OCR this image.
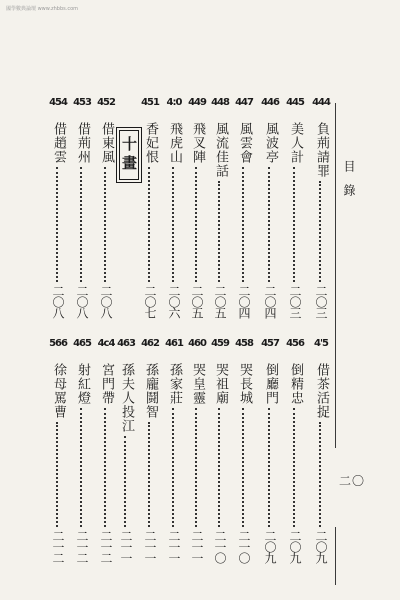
國學數典論壇 www.zhbbs.com
目錄
二〇
十畫
444
負荊請罪
二〇三
445
美人計
二〇三
446
風波亭
二〇四
447
風雲會
二〇四
448
風流佳話
二〇五
449
飛叉陣
二〇五
4:0
飛虎山
二〇六
451
香妃恨
二〇七
452
借東風
二〇八
453
借荊州
二〇八
454
借趙雲
二〇八
4'5
借茶活捉
二〇九
456
倒精忠
二〇九
457
倒廳門
二〇九
458
哭長城
二一〇
459
哭祖廟
二一〇
460
哭皇靈
二一一
461
孫家莊
二一一
462
孫龐鬪智
二一一
463
孫夫人投江
二一一
4c4
宮門帶
二一二
465
射紅燈
二一二
566
徐母罵曹
二一二
